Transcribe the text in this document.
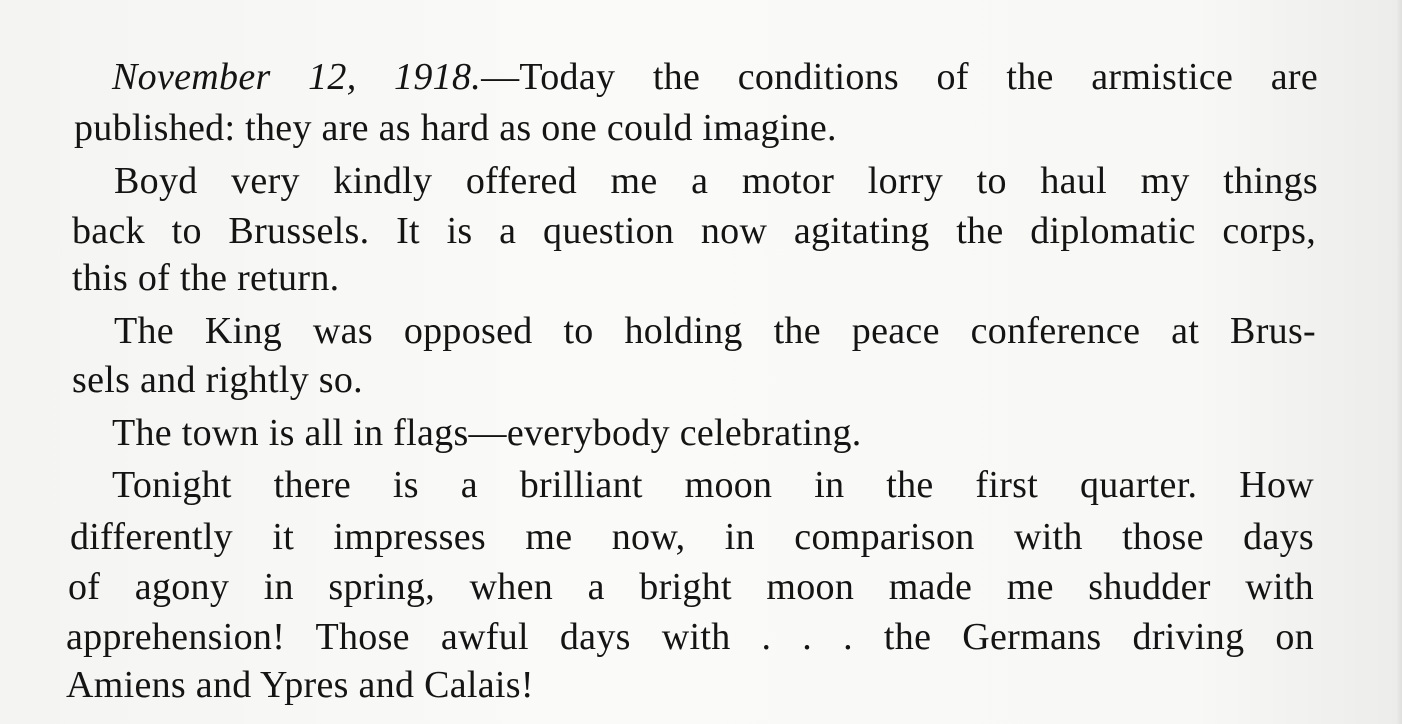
November 12, 1918.—Today the conditions of the armistice are
published: they are as hard as one could imagine.
Boyd very kindly offered me a motor lorry to haul my things
back to Brussels. It is a question now agitating the diplomatic corps,
this of the return.
The King was opposed to holding the peace conference at Brus-
sels and rightly so.
The town is all in flags—everybody celebrating.
Tonight there is a brilliant moon in the first quarter. How
differently it impresses me now, in comparison with those days
of agony in spring, when a bright moon made me shudder with
apprehension! Those awful days with . . . the Germans driving on
Amiens and Ypres and Calais!
